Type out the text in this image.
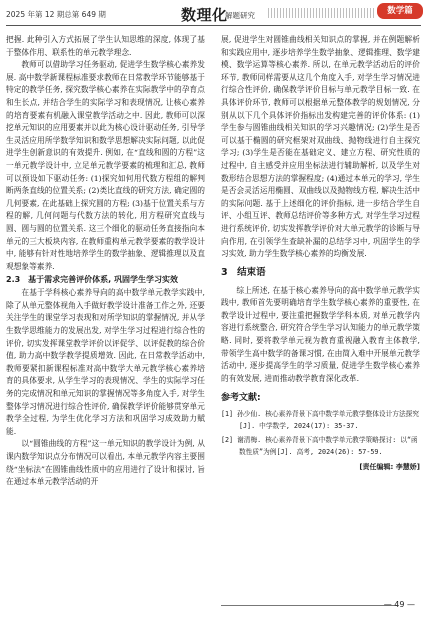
2025 年第 12 期总第 649 期	数理化
解题研究	数学篇

把握. 此种引入方式拓展了学生认知思维的深度, 体现了基于整体作用、联系性的单元教学理念.

教师可以借助学习任务驱动, 促进学生数学核心素养发展. 高中数学新课程标准要求教师在日常教学环节能够基于特定的教学任务, 探究数学核心素养在实际教学中的孕育点和生长点, 并结合学生的实际学习和表现情况, 让核心素养的培育要素有机融入课堂教学活动之中. 因此, 教师可以深挖单元知识的应用要素并以此为核心设计驱动任务, 引导学生灵活应用所学数学知识和数学思想解决实际问题, 以此促进学生创新意识的有效提升. 例如, 在“直线和圆的方程”这一单元教学设计中, 立足单元教学要素的梳理和汇总, 教师可以预设如下驱动任务: (1)探究如何用代数方程组的解判断两条直线的位置关系; (2)类比直线的研究方法, 确定圆的几何要素, 在此基础上探究圆的方程; (3)基于位置关系与方程的解, 几何问题与代数方法的转化, 用方程研究直线与圆、圆与圆的位置关系. 这三个细化的驱动任务直接指向本单元的三大板块内容, 在教师重构单元教学要素的教学设计中, 能够有针对性地培养学生的数学抽象、逻辑推理以及直观想象等素养.

2.3　基于需求完善评价体系, 巩固学生学习实效

在基于学科核心素养导向的高中数学单元教学实践中, 除了从单元整体视角入手做好教学设计准备工作之外, 还要关注学生的课堂学习表现和对所学知识的掌握情况, 并从学生数学思维能力的发展出发, 对学生学习过程进行综合性的评价, 切实发挥课堂教学评价以评促学、以评促教的综合价值, 助力高中数学教学提质增效. 因此, 在日常教学活动中, 教师要紧扣新课程标准对高中数学大单元教学核心素养培育的具体要求, 从学生学习的表现情况、学生的实际学习任务的完成情况和单元知识的掌握情况等多角度入手, 对学生整体学习情况进行综合性评价, 确保教学评价能够贯穿单元教学全过程, 为学生优化学习方法和巩固学习成效助力赋能.

以“圆锥曲线的方程”这一单元知识的教学设计为例, 从课内数学知识点分布情况可以看出, 本单元教学内容主要围绕“坐标法”在圆锥曲线性质中的应用进行了设计和探讨, 旨在通过本单元教学活动的开

展, 促进学生对圆锥曲线相关知识点的掌握, 并在例题解析和实践应用中, 逐步培养学生数学抽象、逻辑推理、数学建模、数学运算等核心素养. 所以, 在单元教学活动后的评价环节, 教师同样需要从这几个角度入手, 对学生学习情况进行综合性评价, 确保教学评价目标与单元教学目标一致. 在具体评价环节, 教师可以根据单元整体教学的规划情况, 分别从以下几个具体评价指标出发构建完善的评价体系: (1)学生参与圆锥曲线相关知识的学习兴趣情况; (2)学生是否可以基于椭圆的研究框架对双曲线、抛物线进行自主探究学习; (3)学生是否能在基础定义、建立方程、研究性质的过程中, 自主感受并应用坐标法进行辅助解析, 以及学生对数形结合思想方法的掌握程度; (4)通过本单元的学习, 学生是否会灵活运用椭圆、双曲线以及抛物线方程, 解决生活中的实际问题. 基于上述细化的评价指标, 进一步结合学生自评、小组互评、教师总结评价等多种方式, 对学生学习过程进行系统评价, 切实发挥教学评价对大单元教学的诊断与导向作用, 在引领学生查缺补漏的总结学习中, 巩固学生的学习实效, 助力学生数学核心素养的均衡发展.

3　结束语

综上所述, 在基于核心素养导向的高中数学单元教学实践中, 教师首先要明确培育学生数学核心素养的重要性, 在教学设计过程中, 要注重把握数学学科本质, 对单元教学内容进行系统整合, 研究符合学生学习认知能力的单元教学策略. 同时, 要将教学单元视为教育重视融入教育主体教学, 带领学生高中数学的备课习惯, 在由简入难中开展单元教学活动中, 逐步提高学生的学习质量, 促进学生数学核心素养的有效发展, 进而推动教学教育深化改革.

参考文献:

[1] 孙少仙. 核心素养背景下高中数学单元教学整体设计方法探究[J]. 中学数学, 2024(17): 35-37.

[2] 谢清梅. 核心素养背景下高中数学单元教学策略探讨: 以“函数性质”为例[J]. 高考, 2024(26): 57-59.

[责任编辑: 李慧娇]

— 49 —
